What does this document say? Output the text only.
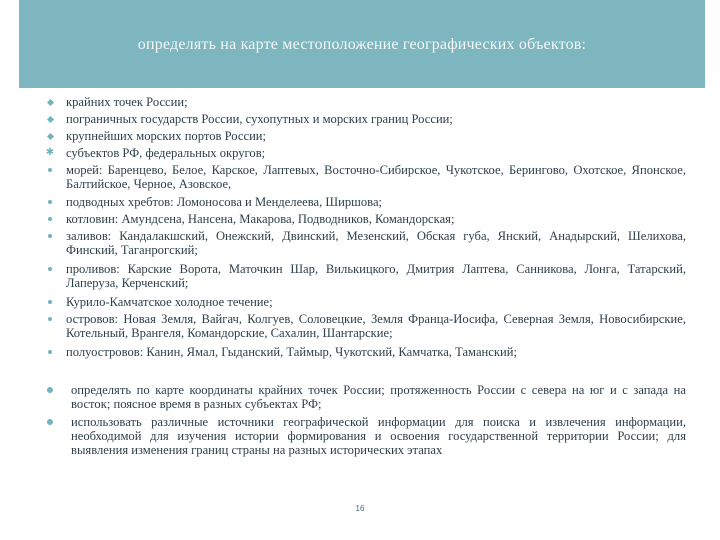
определять на карте местоположение географических объектов:
крайних точек России;
пограничных государств России, сухопутных и морских границ России;
крупнейших морских портов России;
✱ субъектов РФ, федеральных округов;
морей: Баренцево, Белое, Карское, Лаптевых, Восточно-Сибирское, Чукотское, Берингово, Охотское, Японское, Балтийское, Черное, Азовское,
подводных хребтов: Ломоносова и Менделеева, Ширшова;
котловин: Амундсена, Нансена, Макарова, Подводников, Командорская;
заливов: Кандалакшский, Онежский, Двинский, Мезенский, Обская губа, Янский, Анадырский, Шелихова, Финский, Таганрогский;
проливов: Карские Ворота, Маточкин Шар, Вилькицкого, Дмитрия Лаптева, Санникова, Лонга, Татарский, Лаперуза, Керченский;
Курило-Камчатское холодное течение;
островов: Новая Земля, Вайгач, Колгуев, Соловецкие, Земля Франца-Иосифа, Северная Земля, Новосибирские, Котельный, Врангеля, Командорские, Сахалин, Шантарские;
полуостровов: Канин, Ямал, Гыданский, Таймыр, Чукотский, Камчатка, Таманский;
определять по карте координаты крайних точек России; протяженность России с севера на юг и с запада на восток; поясное время в разных субъектах РФ;
использовать различные источники географической информации для поиска и извлечения информации, необходимой для изучения истории формирования и освоения государственной территории России; для выявления изменения границ страны на разных исторических этапах
16
